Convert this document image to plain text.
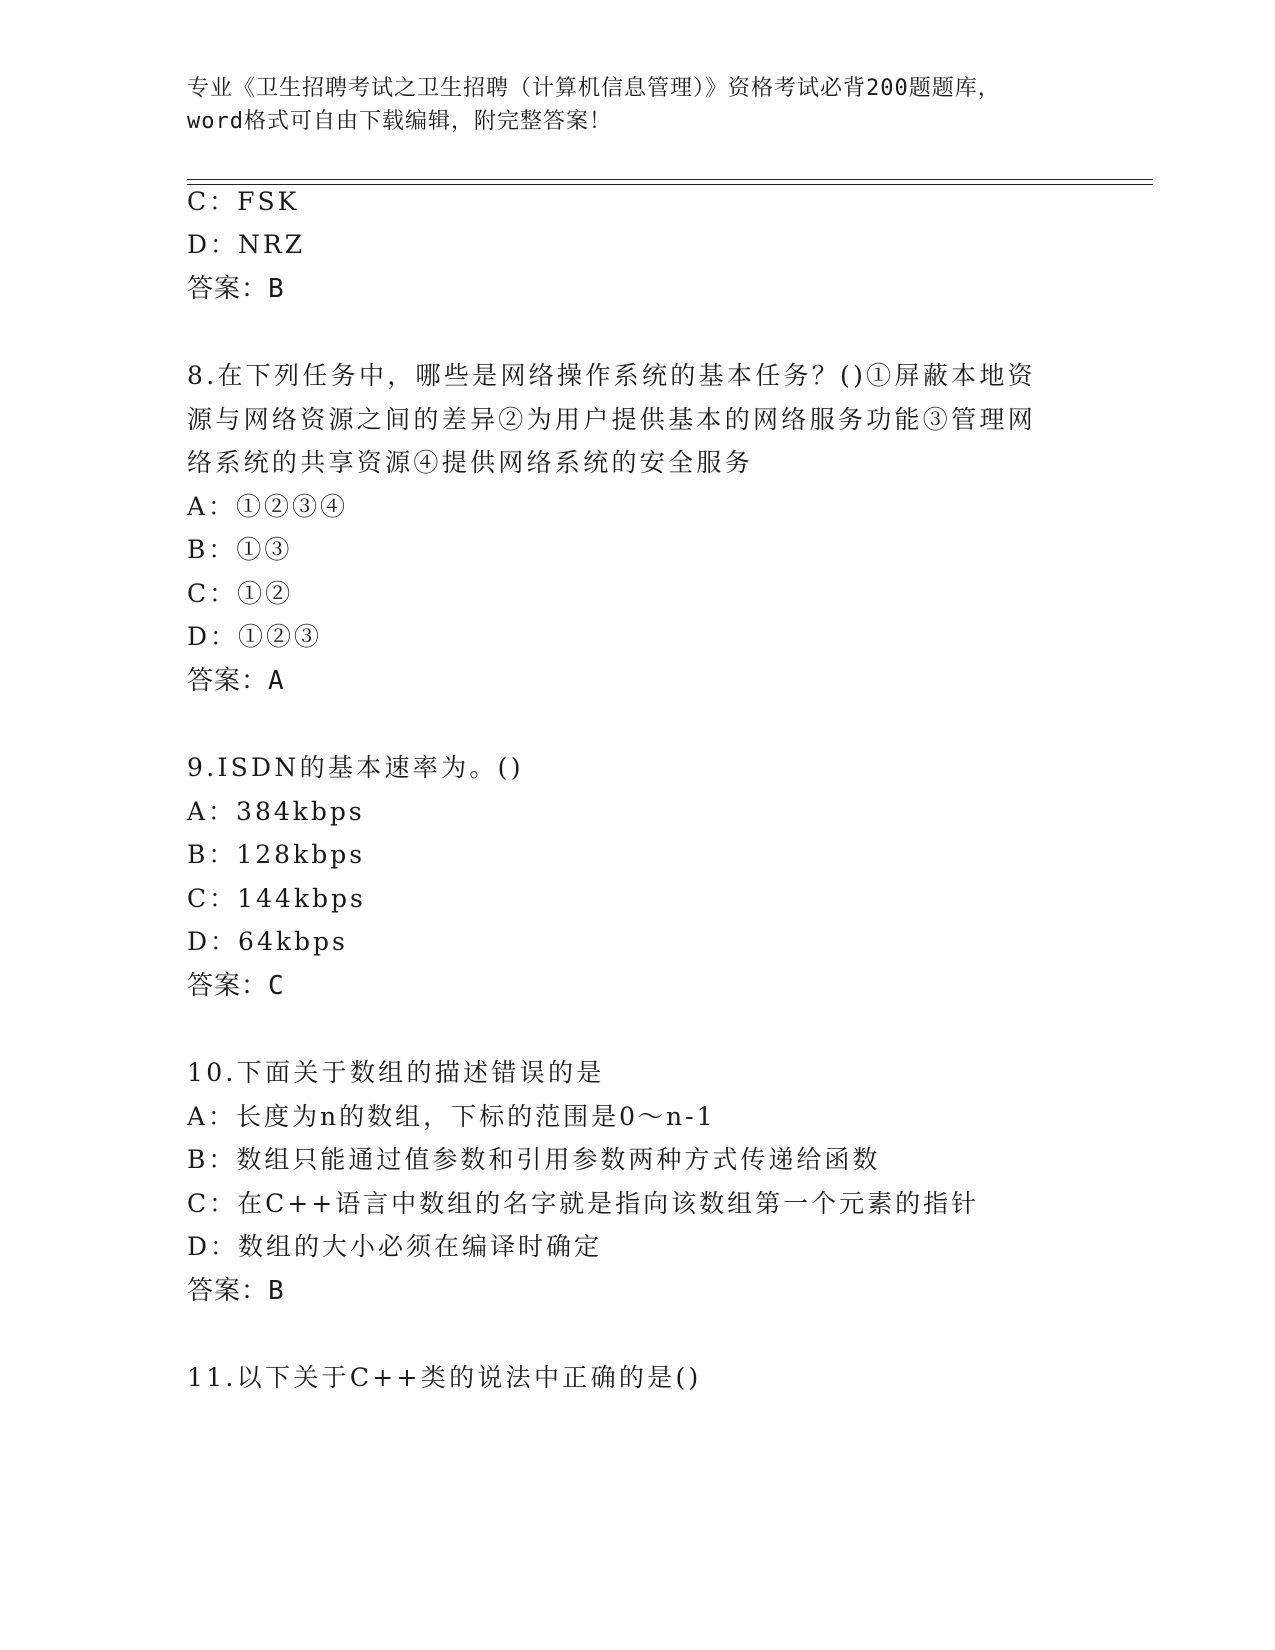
专业《卫生招聘考试之卫生招聘（计算机信息管理）》资格考试必背200题题库，
word格式可自由下载编辑，附完整答案！
C：FSK
D：NRZ
答案：B
8.在下列任务中，哪些是网络操作系统的基本任务？()①屏蔽本地资
源与网络资源之间的差异②为用户提供基本的网络服务功能③管理网
络系统的共享资源④提供网络系统的安全服务
A：①②③④
B：①③
C：①②
D：①②③
答案：A
9.ISDN的基本速率为。()
A：384kbps
B：128kbps
C：144kbps
D：64kbps
答案：C
10.下面关于数组的描述错误的是
A：长度为n的数组，下标的范围是0～n-1
B：数组只能通过值参数和引用参数两种方式传递给函数
C：在C++语言中数组的名字就是指向该数组第一个元素的指针
D：数组的大小必须在编译时确定
答案：B
11.以下关于C++类的说法中正确的是()
